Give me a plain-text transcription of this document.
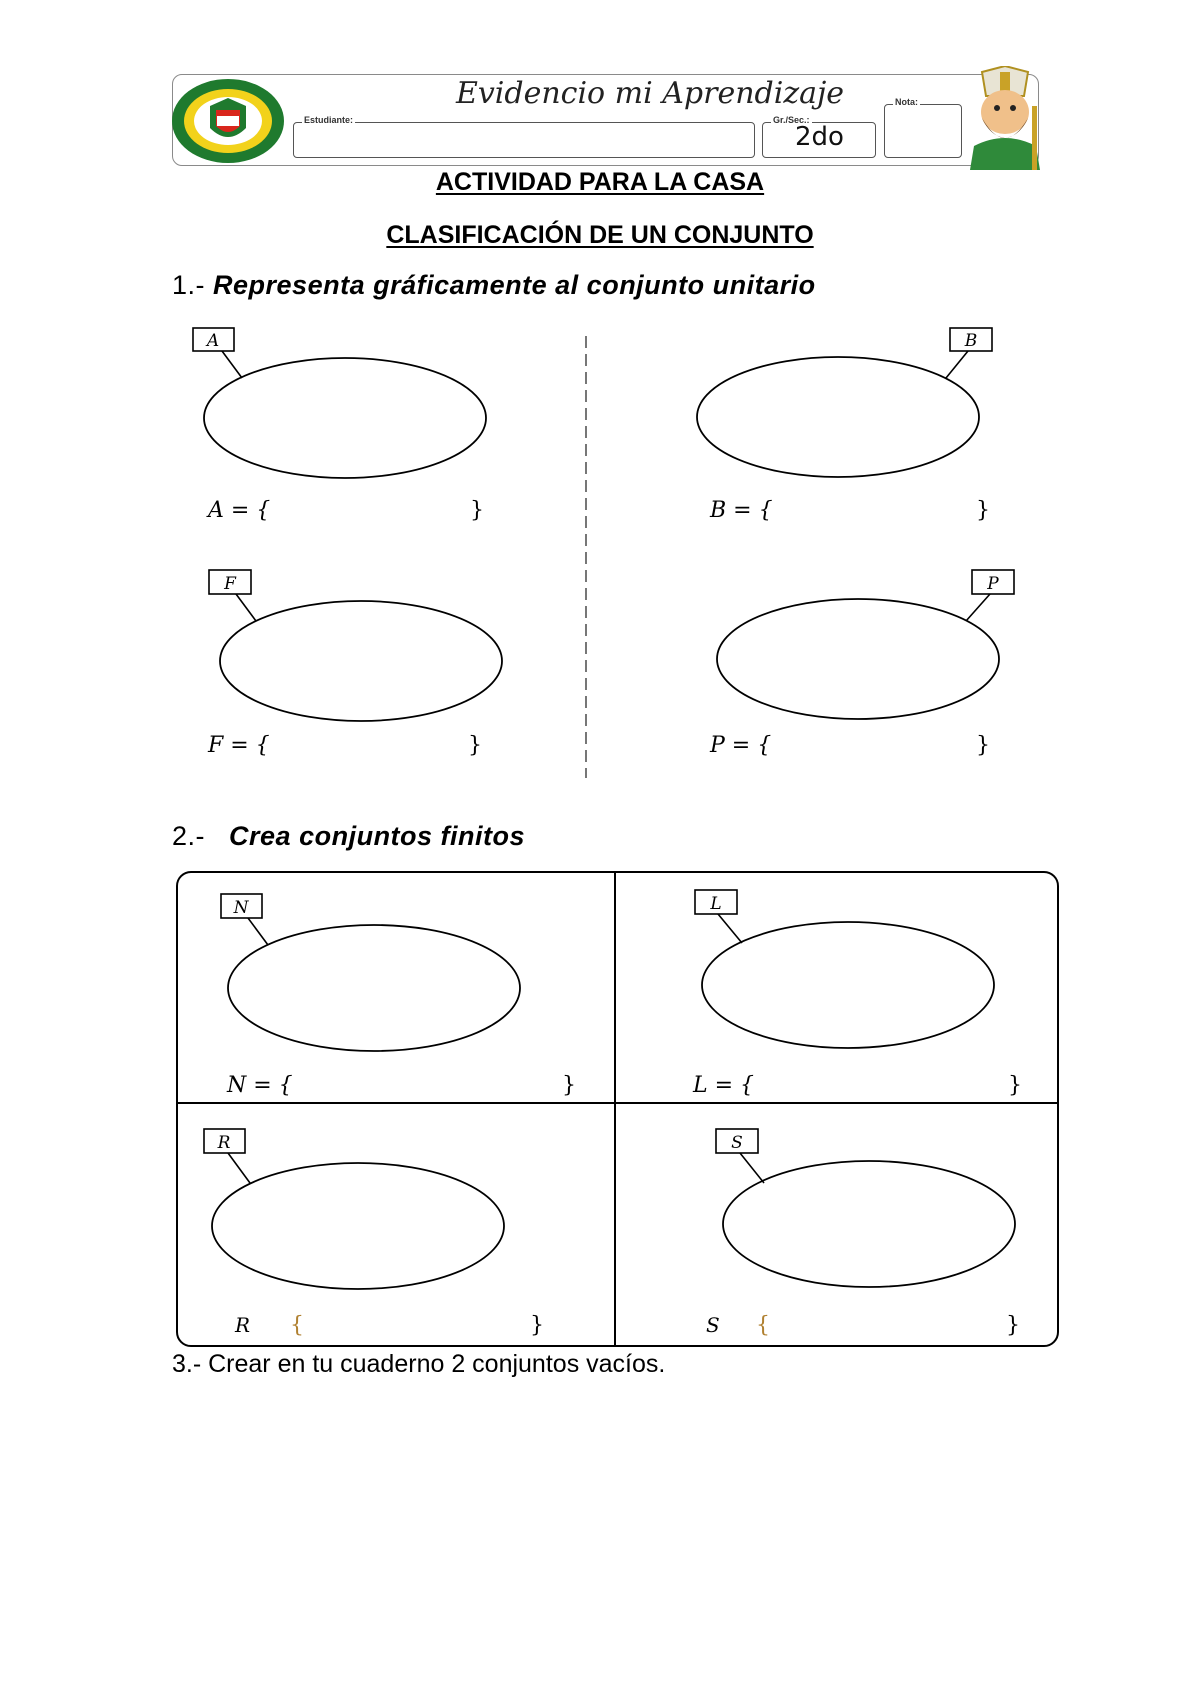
Evidencio mi Aprendizaje
Estudiante:	Gr./Sec.:
2do
Nota:
ACTIVIDAD PARA LA CASA
CLASIFICACIÓN DE UN CONJUNTO
1.- Representa gráficamente al conjunto unitario
A
A = {	}
B
B = {	}
F
F = {	}
P
P = {	}
2.- Crea conjuntos finitos
N
N = {	}
L
L = {	}
R
R {	}
S
S {	}
3.- Crear en tu cuaderno 2 conjuntos vacíos.
